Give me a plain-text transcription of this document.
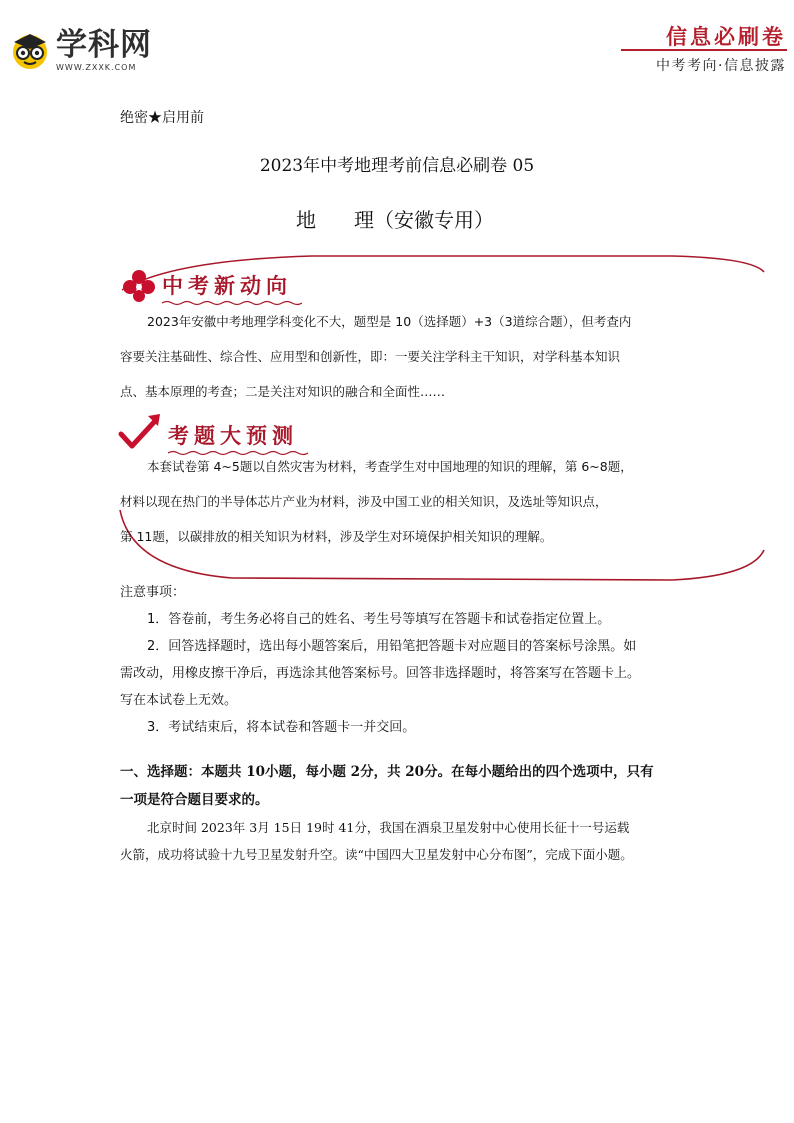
学科网
WWW.ZXXK.COM
信息必刷卷
中考考向·信息披露
绝密★启用前
2023年中考地理考前信息必刷卷 05
地 理（安徽专用）
中考新动向
2023年安徽中考地理学科变化不大，题型是 10（选择题）+3（3道综合题），但考查内
容要关注基础性、综合性、应用型和创新性，即：一要关注学科主干知识，对学科基本知识
点、基本原理的考查；二是关注对知识的融合和全面性……
考题大预测
本套试卷第 4~5题以自然灾害为材料，考查学生对中国地理的知识的理解，第 6~8题，
材料以现在热门的半导体芯片产业为材料，涉及中国工业的相关知识，及选址等知识点，
第 11题，以碳排放的相关知识为材料，涉及学生对环境保护相关知识的理解。
注意事项：
1．答卷前，考生务必将自己的姓名、考生号等填写在答题卡和试卷指定位置上。
2．回答选择题时，选出每小题答案后，用铅笔把答题卡对应题目的答案标号涂黑。如
需改动，用橡皮擦干净后，再选涂其他答案标号。回答非选择题时，将答案写在答题卡上。
写在本试卷上无效。
3．考试结束后，将本试卷和答题卡一并交回。
一、选择题：本题共 10小题，每小题 2分，共 20分。在每小题给出的四个选项中，只有
一项是符合题目要求的。
北京时间 2023年 3月 15日 19时 41分，我国在酒泉卫星发射中心使用长征十一号运载
火箭，成功将试验十九号卫星发射升空。读“中国四大卫星发射中心分布图”，完成下面小题。
